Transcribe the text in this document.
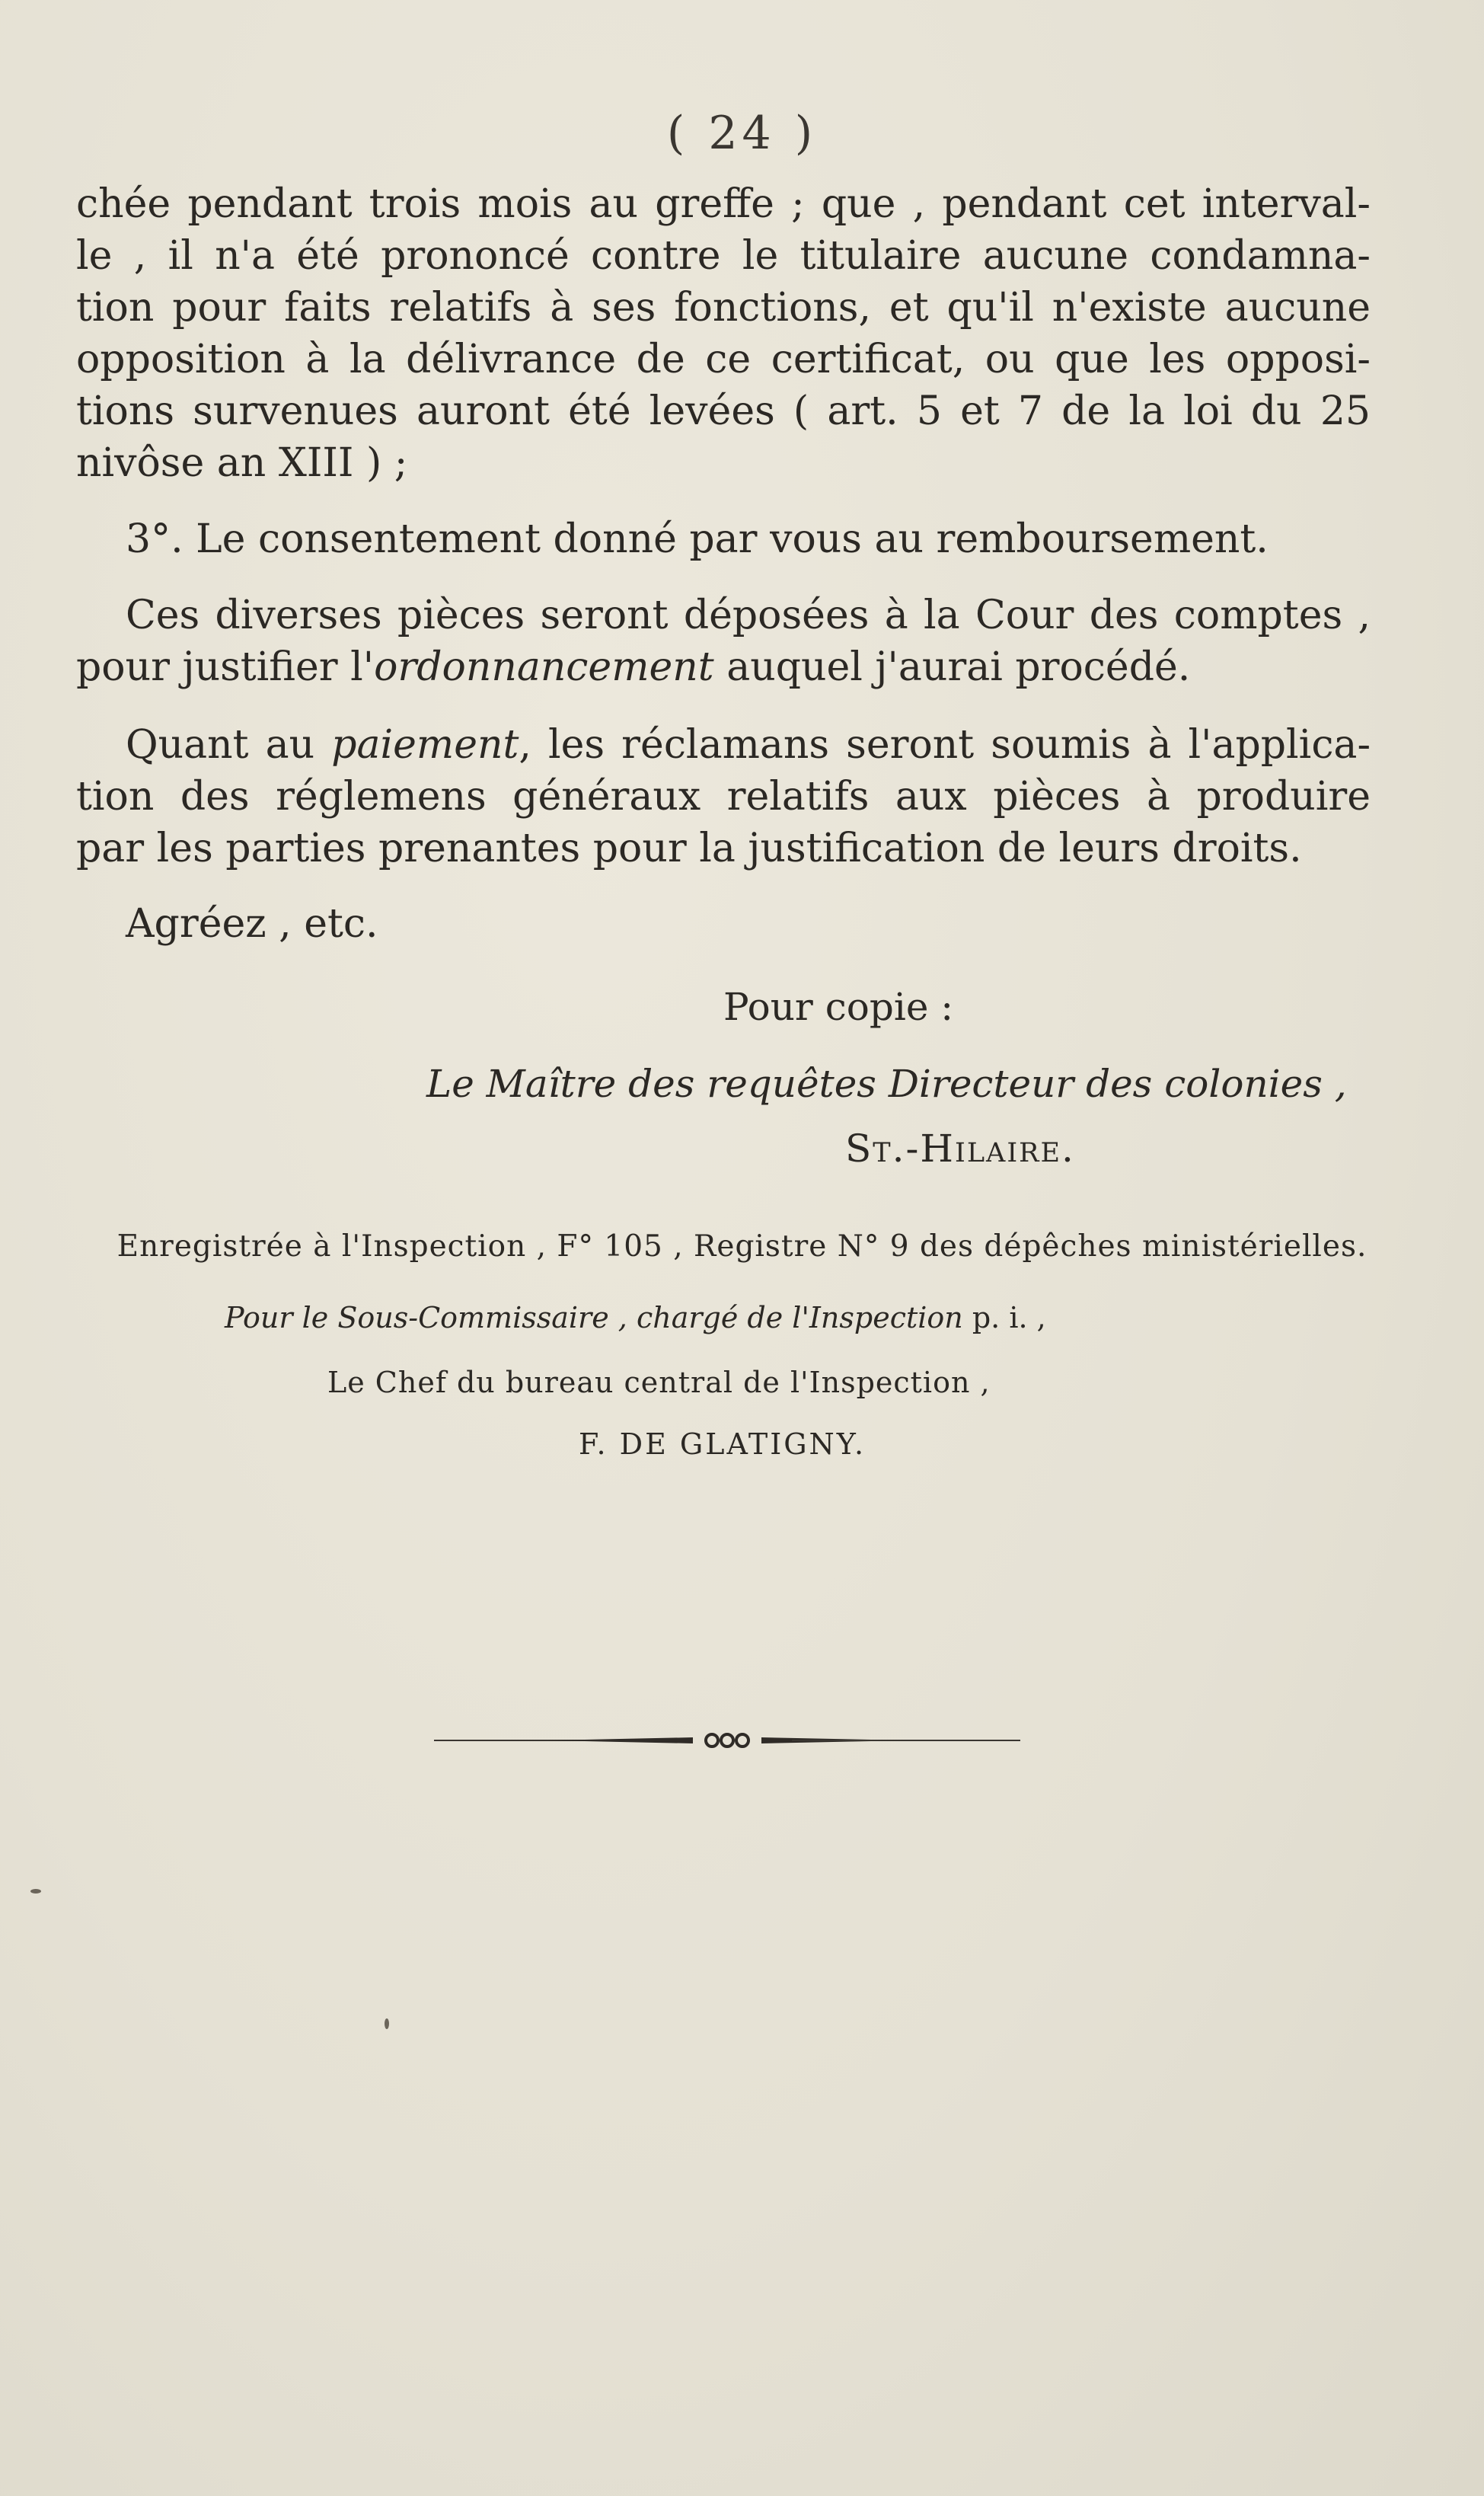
( 24 )
chée pendant trois mois au greffe ; que , pendant cet interval-
le , il n'a été prononcé contre le titulaire aucune condamna-
tion pour faits relatifs à ses fonctions, et qu'il n'existe aucune
opposition à la délivrance de ce certificat, ou que les opposi-
tions survenues auront été levées ( art. 5 et 7 de la loi du 25
nivôse an XIII ) ;
3°. Le consentement donné par vous au remboursement.
Ces diverses pièces seront déposées à la Cour des comptes ,
pour justifier l'ordonnancement auquel j'aurai procédé.
Quant au paiement, les réclamans seront soumis à l'applica-
tion des réglemens généraux relatifs aux pièces à produire
par les parties prenantes pour la justification de leurs droits.
Agréez , etc.
Pour copie :
Le Maître des requêtes Directeur des colonies ,
St.-Hilaire.
Enregistrée à l'Inspection , F° 105 , Registre N° 9 des dépêches ministérielles.
Pour le Sous-Commissaire , chargé de l'Inspection p. i. ,
Le Chef du bureau central de l'Inspection ,
F. DE GLATIGNY.
